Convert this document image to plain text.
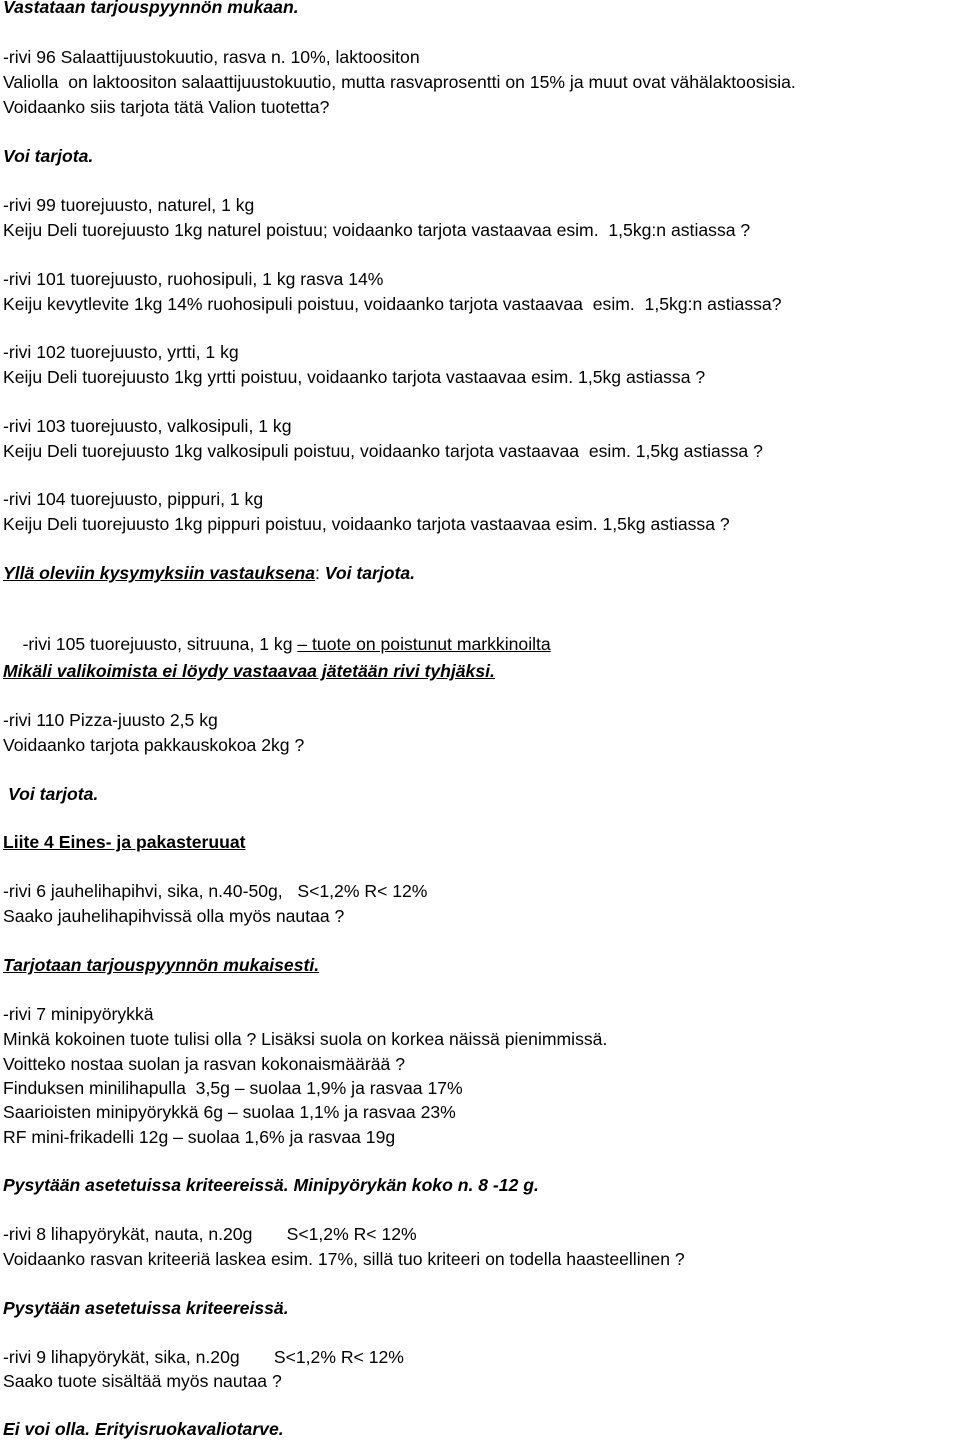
Vastataan tarjouspyynnön mukaan.
-rivi 96 Salaattijuustokuutio, rasva n. 10%, laktoositon
Valiolla  on laktoositon salaattijuustokuutio, mutta rasvaprosentti on 15% ja muut ovat vähälaktoosisia.
Voidaanko siis tarjota tätä Valion tuotetta?
Voi tarjota.
-rivi 99 tuorejuusto, naturel, 1 kg
Keiju Deli tuorejuusto 1kg naturel poistuu; voidaanko tarjota vastaavaa esim.  1,5kg:n astiassa ?
-rivi 101 tuorejuusto, ruohosipuli, 1 kg rasva 14%
Keiju kevytlevite 1kg 14% ruohosipuli poistuu, voidaanko tarjota vastaavaa  esim.  1,5kg:n astiassa?
-rivi 102 tuorejuusto, yrtti, 1 kg
Keiju Deli tuorejuusto 1kg yrtti poistuu, voidaanko tarjota vastaavaa esim. 1,5kg astiassa ?
-rivi 103 tuorejuusto, valkosipuli, 1 kg
Keiju Deli tuorejuusto 1kg valkosipuli poistuu, voidaanko tarjota vastaavaa  esim. 1,5kg astiassa ?
-rivi 104 tuorejuusto, pippuri, 1 kg
Keiju Deli tuorejuusto 1kg pippuri poistuu, voidaanko tarjota vastaavaa esim. 1,5kg astiassa ?
Yllä oleviin kysymyksiin vastauksena: Voi tarjota.

-rivi 105 tuorejuusto, sitruuna, 1 kg – tuote on poistunut markkinoilta

Mikäli valikoimista ei löydy vastaavaa jätetään rivi tyhjäksi.
-rivi 110 Pizza-juusto 2,5 kg
Voidaanko tarjota pakkauskokoa 2kg ?
Voi tarjota.
Liite 4 Eines- ja pakasteruuat
-rivi 6 jauhelihapihvi, sika, n.40-50g,   S<1,2% R< 12%
Saako jauhelihapihvissä olla myös nautaa ?
Tarjotaan tarjouspyynnön mukaisesti.
-rivi 7 minipyörykkä
Minkä kokoinen tuote tulisi olla ? Lisäksi suola on korkea näissä pienimmissä.
Voitteko nostaa suolan ja rasvan kokonaismäärää ?
Finduksen minilihapulla  3,5g – suolaa 1,9% ja rasvaa 17%
Saarioisten minipyörykkä 6g – suolaa 1,1% ja rasvaa 23%
RF mini-frikadelli 12g – suolaa 1,6% ja rasvaa 19g
Pysytään asetetuissa kriteereissä. Minipyörykän koko n. 8 -12 g.
-rivi 8 lihapyörykät, nauta, n.20g       S<1,2% R< 12%
Voidaanko rasvan kriteeriä laskea esim. 17%, sillä tuo kriteeri on todella haasteellinen ?
Pysytään asetetuissa kriteereissä.
-rivi 9 lihapyörykät, sika, n.20g       S<1,2% R< 12%
Saako tuote sisältää myös nautaa ?
Ei voi olla. Erityisruokavaliotarve.
